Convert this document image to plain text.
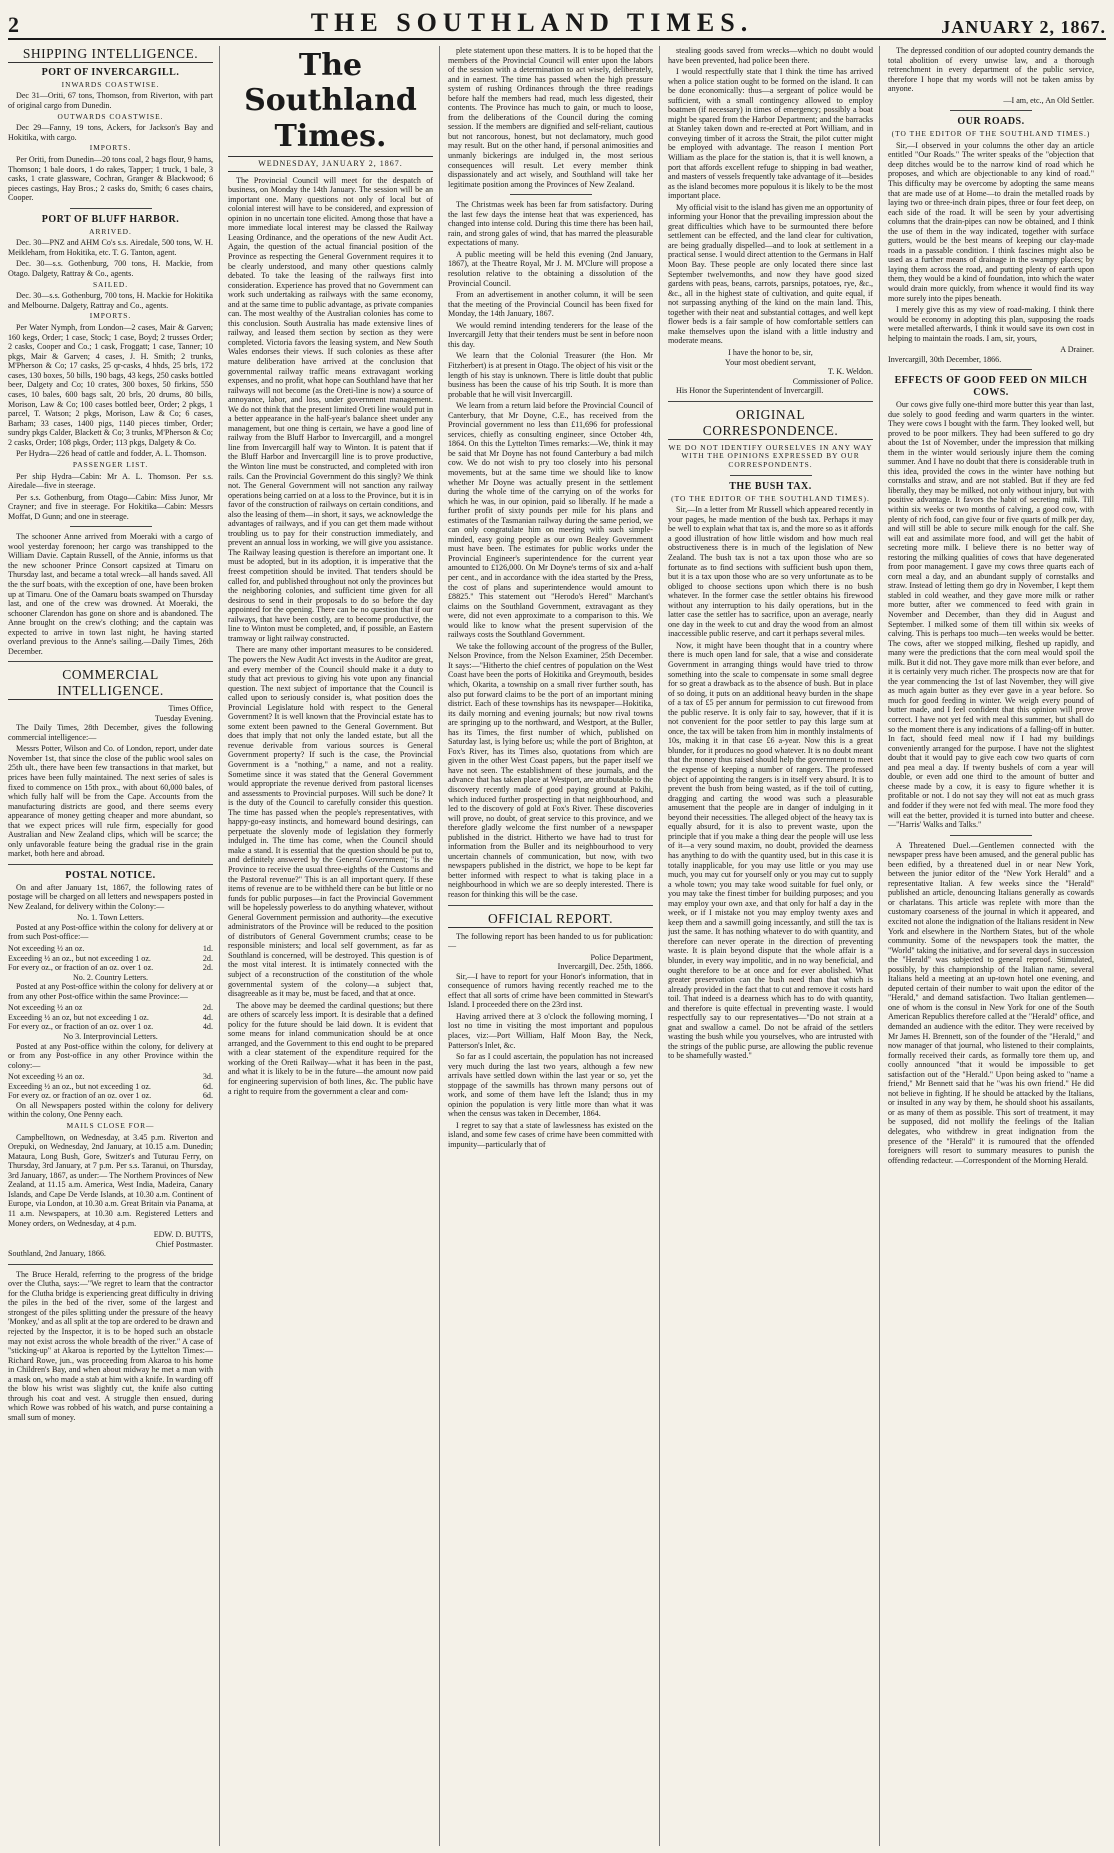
2	THE SOUTHLAND TIMES.	JANUARY 2, 1867.
SHIPPING INTELLIGENCE.
PORT OF INVERCARGILL.
INWARDS COASTWISE.

Dec 31—Oriti, 67 tons, Thomson, from Riverton, with part of original cargo from Dunedin.

OUTWARDS COASTWISE.

Dec 29—Fanny, 19 tons, Ackers, for Jackson's Bay and Hokitika, with cargo.

IMPORTS.

Per Oriti, from Dunedin—20 tons coal, 2 bags flour, 9 hams, Thomson; 1 bale doors, 1 do rakes, Tapper; 1 truck, 1 bale, 3 casks, 1 crate glassware, Cochran, Granger & Blackwood; 6 pieces castings, Hay Bros.; 2 casks do, Smith; 6 cases chairs, Cooper.

PORT OF BLUFF HARBOR.
ARRIVED.

Dec. 30—PNZ and AHM Co's s.s. Airedale, 500 tons, W. H. Meikleham, from Hokitika, etc. T. G. Tanton, agent.

Dec. 30—s.s. Gothenburg, 700 tons, H. Mackie, from Otago. Dalgety, Rattray & Co., agents.

SAILED.

Dec. 30—s.s. Gothenburg, 700 tons, H. Mackie for Hokitika and Melbourne. Dalgety, Rattray and Co., agents.

IMPORTS.

Per Water Nymph, from London—2 cases, Mair & Garven; 160 kegs, Order; 1 case, Stock; 1 case, Boyd; 2 trusses Order; 2 casks, Cooper and Co.; 1 cask, Froggatt; 1 case, Tanner; 10 pkgs, Mair & Garven; 4 cases, J. H. Smith; 2 trunks, M'Pherson & Co; 17 casks, 25 qr-casks, 4 hhds, 25 brls, 172 cases, 130 boxes, 50 bills, 190 bags, 43 kegs, 250 casks bottled beer, Dalgety and Co; 10 crates, 300 boxes, 50 firkins, 550 cases, 10 bales, 600 bags salt, 20 brls, 20 drums, 80 bills, Morison, Law & Co; 100 cases bottled beer, Order; 2 pkgs, 1 parcel, T. Watson; 2 pkgs, Morison, Law & Co; 6 cases, Barham; 33 cases, 1400 pigs, 1140 pieces timber, Order; sundry pkgs Calder, Blackett & Co; 3 trunks, M'Pherson & Co; 2 casks, Order; 108 pkgs, Order; 113 pkgs, Dalgety & Co.

Per Hydra—226 head of cattle and fodder, A. L. Thomson.

PASSENGER LIST.

Per ship Hydra—Cabin: Mr A. L. Thomson. Per s.s. Airedale—five in steerage.

Per s.s. Gothenburg, from Otago—Cabin: Miss Junor, Mr Crayner; and five in steerage. For Hokitika—Cabin: Messrs Moffat, D Gunn; and one in steerage.

The schooner Anne arrived from Moeraki with a cargo of wool yesterday forenoon; her cargo was transhipped to the William Davie. Captain Russell, of the Annie, informs us that the new schooner Prince Consort capsized at Timaru on Thursday last, and became a total wreck—all hands saved. All the the surf boats, with the exception of one, have been broken up at Timaru. One of the Oamaru boats swamped on Thursday last, and one of the crew was drowned. At Moeraki, the schooner Clarendon has gone on shore and is abandoned. The Anne brought on the crew's clothing; and the captain was expected to arrive in town last night, he having started overland previous to the Anne's sailing.—Daily Times, 26th December.

COMMERCIAL INTELLIGENCE.
Times Office,
Tuesday Evening.

The Daily Times, 28th December, gives the following commercial intelligence:—

Messrs Potter, Wilson and Co. of London, report, under date November 1st, that since the close of the public wool sales on 25th ult., there have been few transactions in that market, but prices have been fully maintained. The next series of sales is fixed to commence on 15th prox., with about 60,000 bales, of which fully half will be from the Cape. Accounts from the manufacturing districts are good, and there seems every appearance of money getting cheaper and more abundant, so that we expect prices will rule firm, especially for good Australian and New Zealand clips, which will be scarce; the only unfavorable feature being the gradual rise in the grain market, both here and abroad.

POSTAL NOTICE.

On and after January 1st, 1867, the following rates of postage will be charged on all letters and newspapers posted in New Zealand, for delivery within the Colony:—

No. 1. Town Letters.

Posted at any Post-office within the colony for delivery at or from such Post-office:—

Not exceeding ½ an oz.	1d.
Exceeding ½ an oz., but not exceeding 1 oz.	2d.
For every oz., or fraction of an oz. over 1 oz.	2d.
No. 2. Country Letters.

Posted at any Post-office within the colony for delivery at or from any other Post-office within the same Province:—

Not exceeding ½ an oz	2d.
Exceeding ½ an oz, but not exceeding 1 oz.	4d.
For every oz., or fraction of an oz. over 1 oz.	4d.
No 3. Interprovincial Letters.

Posted at any Post-office within the colony, for delivery at or from any Post-office in any other Province within the colony:—

Not exceeding ½ an oz.	3d.
Exceeding ½ an oz., but not exceeding 1 oz.	6d.
For every oz. or fraction of an oz. over 1 oz.	6d.

On all Newspapers posted within the colony for delivery within the colony, One Penny each.

MAILS CLOSE FOR—

Campbelltown, on Wednesday, at 3.45 p.m. Riverton and Orepuki, on Wednesday, 2nd January, at 10.15 a.m. Dunedin; Mataura, Long Bush, Gore, Switzer's and Tuturau Ferry, on Thursday, 3rd January, at 7 p.m. Per s.s. Taranui, on Thursday, 3rd January, 1867, as under:— The Northern Provinces of New Zealand, at 11.15 a.m. America, West India, Madeira, Canary Islands, and Cape De Verde Islands, at 10.30 a.m. Continent of Europe, via London, at 10.30 a.m. Great Britain via Panama, at 11 a.m. Newspapers, at 10.30 a.m. Registered Letters and Money orders, on Wednesday, at 4 p.m.

EDW. D. BUTTS,
Chief Postmaster.
Southland, 2nd January, 1866.

The Bruce Herald, referring to the progress of the bridge over the Clutha, says:—"We regret to learn that the contractor for the Clutha bridge is experiencing great difficulty in driving the piles in the bed of the river, some of the largest and strongest of the piles splitting under the pressure of the heavy 'Monkey,' and as all split at the top are ordered to be drawn and rejected by the Inspector, it is to be hoped such an obstacle may not exist across the whole breadth of the river." A case of "sticking-up" at Akaroa is reported by the Lyttelton Times:—Richard Rowe, jun., was proceeding from Akaroa to his home in Children's Bay, and when about midway he met a man with a mask on, who made a stab at him with a knife. In warding off the blow his wrist was slightly cut, the knife also cutting through his coat and vest. A struggle then ensued, during which Rowe was robbed of his watch, and purse containing a small sum of money.

The Southland Times.
WEDNESDAY, JANUARY 2, 1867.

The Provincial Council will meet for the despatch of business, on Monday the 14th January. The session will be an important one. Many questions not only of local but of colonial interest will have to be considered, and expression of opinion in no uncertain tone elicited. Among those that have a more immediate local interest may be classed the Railway Leasing Ordinance, and the operations of the new Audit Act. Again, the question of the actual financial position of the Province as respecting the General Government requires it to be clearly understood, and many other questions calmly debated. To take the leasing of the railways first into consideration. Experience has proved that no Government can work such undertaking as railways with the same economy, and at the same time to public advantage, as private companies can. The most wealthy of the Australian colonies has come to this conclusion. South Australia has made extensive lines of railway, and leased them section by section as they were completed. Victoria favors the leasing system, and New South Wales endorses their views. If such colonies as these after mature deliberation have arrived at the conclusion that governmental railway traffic means extravagant working expenses, and no profit, what hope can Southland have that her railways will not become (as the Oreti-line is now) a source of annoyance, labor, and loss, under government management. We do not think that the present limited Oreti line would put in a better appearance in the half-year's balance sheet under any management, but one thing is certain, we have a good line of railway from the Bluff Harbor to Invercargill, and a mongrel line from Invercargill half way to Winton. It is patent that if the Bluff Harbor and Invercargill line is to prove productive, the Winton line must be constructed, and completed with iron rails. Can the Provincial Government do this singly? We think not. The General Government will not sanction any railway operations being carried on at a loss to the Province, but it is in favor of the construction of railways on certain conditions, and also the leasing of them—in short, it says, we acknowledge the advantages of railways, and if you can get them made without troubling us to pay for their construction immediately, and prevent an annual loss in working, we will give you assistance. The Railway leasing question is therefore an important one. It must be adopted, but in its adoption, it is imperative that the freest competition should be invited. That tenders should be called for, and published throughout not only the provinces but the neighboring colonies, and sufficient time given for all desirous to send in their proposals to do so before the day appointed for the opening. There can be no question that if our railways, that have been costly, are to become productive, the line to Winton must be completed, and, if possible, an Eastern tramway or light railway constructed.

There are many other important measures to be considered. The powers the New Audit Act invests in the Auditor are great, and every member of the Council should make it a duty to study that act previous to giving his vote upon any financial question. The next subject of importance that the Council is called upon to seriously consider is, what position does the Provincial Legislature hold with respect to the General Government? It is well known that the Provincial estate has to some extent been pawned to the General Government. But does that imply that not only the landed estate, but all the revenue derivable from various sources is General Government property? If such is the case, the Provincial Government is a "nothing," a name, and not a reality. Sometime since it was stated that the General Government would appropriate the revenue derived from pastoral licenses and assessments to Provincial purposes. Will such be done? It is the duty of the Council to carefully consider this question. The time has passed when the people's representatives, with happy-go-easy instincts, and homeward bound desirings, can perpetuate the slovenly mode of legislation they formerly indulged in. The time has come, when the Council should make a stand. It is essential that the question should be put to, and definitely answered by the General Government; "is the Province to receive the usual three-eighths of the Customs and the Pastoral revenue?" This is an all important query. If these items of revenue are to be withheld there can be but little or no funds for public purposes—in fact the Provincial Government will be hopelessly powerless to do anything whatever, without General Government permission and authority—the executive administrators of the Province will be reduced to the position of distributors of General Government crumbs; cease to be responsible ministers; and local self government, as far as Southland is concerned, will be destroyed. This question is of the most vital interest. It is intimately connected with the subject of a reconstruction of the constitution of the whole governmental system of the colony—a subject that, disagreeable as it may be, must be faced, and that at once.

The above may be deemed the cardinal questions; but there are others of scarcely less import. It is desirable that a defined policy for the future should be laid down. It is evident that some means for inland communication should be at once arranged, and the Government to this end ought to be prepared with a clear statement of the expenditure required for the working of the Oreti Railway—what it has been in the past, and what it is likely to be in the future—the amount now paid for engineering supervision of both lines, &c. The public have a right to require from the government a clear and com-

plete statement upon these matters. It is to be hoped that the members of the Provincial Council will enter upon the labors of the session with a determination to act wisely, deliberately, and in earnest. The time has passed when the high pressure system of rushing Ordinances through the three readings before half the members had read, much less digested, their contents. The Province has much to gain, or much to loose, from the deliberations of the Council during the coming session. If the members are dignified and self-reliant, cautious but not rancorous, honest, but not declamatory, much good may result. But on the other hand, if personal animosities and unmanly bickerings are indulged in, the most serious consequences will result. Let every member think dispassionately and act wisely, and Southland will take her legitimate position among the Provinces of New Zealand.

The Christmas week has been far from satisfactory. During the last few days the intense heat that was experienced, has changed into intense cold. During this time there has been hail, rain, and strong gales of wind, that has marred the pleasurable expectations of many.

A public meeting will be held this evening (2nd January, 1867), at the Theatre Royal, Mr J. M. M'Clure will propose a resolution relative to the obtaining a dissolution of the Provincial Council.

From an advertisement in another column, it will be seen that the meeting of the Provincial Council has been fixed for Monday, the 14th January, 1867.

We would remind intending tenderers for the lease of the Invercargill Jetty that their tenders must be sent in before noon this day.

We learn that the Colonial Treasurer (the Hon. Mr Fitzherbert) is at present in Otago. The object of his visit or the length of his stay is unknown. There is little doubt that public business has been the cause of his trip South. It is more than probable that he will visit Invercargill.

We learn from a return laid before the Provincial Council of Canterbury, that Mr Doyne, C.E., has received from the Provincial government no less than £11,696 for professional services, chiefly as consulting engineer, since October 4th, 1864. On this the Lyttelton Times remarks:—We, think it may be said that Mr Doyne has not found Canterbury a bad milch cow. We do not wish to pry too closely into his personal movements, but at the same time we should like to know whether Mr Doyne was actually present in the settlement during the whole time of the carrying on of the works for which he was, in our opinion, paid so liberally. If he made a further profit of sixty pounds per mile for his plans and estimates of the Tasmanian railway during the same period, we can only congratulate him on meeting with such simple-minded, easy going people as our own Bealey Government must have been. The estimates for public works under the Provincial Engineer's superintendence for the current year amounted to £126,000. On Mr Doyne's terms of six and a-half per cent., and in accordance with the idea started by the Press, the cost of plans and superintendence would amount to £8825." This statement out "Herodo's Hered" Marchant's claims on the Southland Government, extravagant as they were, did not even approximate to a comparison to this. We would like to know what the present supervision of the railways costs the Southland Government.

We take the following account of the progress of the Buller, Nelson Province, from the Nelson Examiner, 25th December. It says:—"Hitherto the chief centres of population on the West Coast have been the ports of Hokitika and Greymouth, besides which, Okarita, a township on a small river further south, has also put forward claims to be the port of an important mining district. Each of these townships has its newspaper—Hokitika, its daily morning and evening journals; but now rival towns are springing up to the northward, and Westport, at the Buller, has its Times, the first number of which, published on Saturday last, is lying before us; while the port of Brighton, at Fox's River, has its Times also, quotations from which are given in the other West Coast papers, but the paper itself we have not seen. The establishment of these journals, and the advance that has taken place at Westport, are attributable to the discovery recently made of good paying ground at Pakihi, which induced further prospecting in that neighbourhood, and led to the discovery of gold at Fox's River. These discoveries will prove, no doubt, of great service to this province, and we therefore gladly welcome the first number of a newspaper published in the district. Hitherto we have had to trust for information from the Buller and its neighbourhood to very uncertain channels of communication, but now, with two newspapers published in the district, we hope to be kept far better informed with respect to what is taking place in a neighbourhood in which we are so deeply interested. There is reason for thinking this will be the case.

OFFICIAL REPORT.

The following report has been handed to us for publication:—

Police Department,
Invercargill, Dec. 25th, 1866.

Sir,—I have to report for your Honor's information, that in consequence of rumors having recently reached me to the effect that all sorts of crime have been committed in Stewart's Island. I proceeded there on the 23rd inst.

Having arrived there at 3 o'clock the following morning, I lost no time in visiting the most important and populous places, viz:—Port William, Half Moon Bay, the Neck, Patterson's Inlet, &c.

So far as I could ascertain, the population has not increased very much during the last two years, although a few new arrivals have settled down within the last year or so, yet the stoppage of the sawmills has thrown many persons out of work, and some of them have left the Island; thus in my opinion the population is very little more than what it was when the census was taken in December, 1864.

I regret to say that a state of lawlessness has existed on the island, and some few cases of crime have been committed with impunity—particularly that of

stealing goods saved from wrecks—which no doubt would have been prevented, had police been there.

I would respectfully state that I think the time has arrived when a police station ought to be formed on the island. It can be done economically: thus—a sergeant of police would be sufficient, with a small contingency allowed to employ boatmen (if necessary) in times of emergency; possibly a boat might be spared from the Harbor Department; and the barracks at Stanley taken down and re-erected at Port William, and in conveying timber of it across the Strait, the pilot cutter might be employed with advantage. The reason I mention Port William as the place for the station is, that it is well known, a port that affords excellent refuge to shipping in bad weather, and masters of vessels frequently take advantage of it—besides as the island becomes more populous it is likely to be the most important place.

My official visit to the island has given me an opportunity of informing your Honor that the prevailing impression about the great difficulties which have to be surmounted there before settlement can be effected, and the land clear for cultivation, are being gradually dispelled—and to look at settlement in a practical sense. I would direct attention to the Germans in Half Moon Bay. These people are only located there since last September twelvemonths, and now they have good sized gardens with peas, beans, carrots, parsnips, potatoes, rye, &c., &c., all in the highest state of cultivation, and quite equal, if not surpassing anything of the kind on the main land. This, together with their neat and substantial cottages, and well kept flower beds is a fair sample of how comfortable settlers can make themselves upon the island with a little industry and moderate means.

I have the honor to be, sir,
Your most obedient servant,
T. K. Weldon.
Commissioner of Police.

His Honor the Superintendent of Invercargill.

ORIGINAL CORRESPONDENCE.
WE DO NOT IDENTIFY OURSELVES IN ANY WAY WITH THE OPINIONS EXPRESSED BY OUR CORRESPONDENTS.
THE BUSH TAX.
(TO THE EDITOR OF THE SOUTHLAND TIMES).

Sir,—In a letter from Mr Russell which appeared recently in your pages, he made mention of the bush tax. Perhaps it may be well to explain what that tax is, and the more so as it affords a good illustration of how little wisdom and how much real obstructiveness there is in much of the legislation of New Zealand. The bush tax is not a tax upon those who are so fortunate as to find sections with sufficient bush upon them, but it is a tax upon those who are so very unfortunate as to be obliged to choose sections upon which there is no bush whatever. In the former case the settler obtains his firewood without any interruption to his daily operations, but in the latter case the settler has to sacrifice, upon an average, nearly one day in the week to cut and dray the wood from an almost inaccessible public reserve, and cart it perhaps several miles.

Now, it might have been thought that in a country where there is much open land for sale, that a wise and considerate Government in arranging things would have tried to throw something into the scale to compensate in some small degree for so great a drawback as to the absence of bush. But in place of so doing, it puts on an additional heavy burden in the shape of a tax of £5 per annum for permission to cut firewood from the public reserve. It is only fair to say, however, that if it is not convenient for the poor settler to pay this large sum at once, the tax will be taken from him in monthly instalments of 10s, making it in that case £6 a-year. Now this is a great blunder, for it produces no good whatever. It is no doubt meant that the money thus raised should help the government to meet the expense of keeping a number of rangers. The professed object of appointing the rangers is in itself very absurd. It is to prevent the bush from being wasted, as if the toil of cutting, dragging and carting the wood was such a pleasurable amusement that the people are in danger of indulging in it beyond their necessities. The alleged object of the heavy tax is equally absurd, for it is also to prevent waste, upon the principle that if you make a thing dear the people will use less of it—a very sound maxim, no doubt, provided the dearness has anything to do with the quantity used, but in this case it is totally inapplicable, for you may use little or you may use much, you may cut for yourself only or you may cut to supply a whole town; you may take wood suitable for fuel only, or you may take the finest timber for building purposes; and you may employ your own axe, and that only for half a day in the week, or if I mistake not you may employ twenty axes and keep them and a sawmill going incessantly, and still the tax is just the same. It has nothing whatever to do with quantity, and therefore can never operate in the direction of preventing waste. It is plain beyond dispute that the whole affair is a blunder, in every way impolitic, and in no way beneficial, and ought therefore to be at once and for ever abolished. What greater preservation can the bush need than that which is already provided in the fact that to cut and remove it costs hard toil. That indeed is a dearness which has to do with quantity, and therefore is quite effectual in preventing waste. I would respectfully say to our representatives—"Do not strain at a gnat and swallow a camel. Do not be afraid of the settlers wasting the bush while you yourselves, who are intrusted with the strings of the public purse, are allowing the public revenue to be shamefully wasted."

The depressed condition of our adopted country demands the total abolition of every unwise law, and a thorough retrenchment in every department of the public service, therefore I hope that my words will not be taken amiss by anyone.

—I am, etc., An Old Settler.
OUR ROADS.
(TO THE EDITOR OF THE SOUTHLAND TIMES.)

Sir,—I observed in your columns the other day an article entitled "Our Roads." The writer speaks of the "objection that deep ditches would be to the narrow kind of road which he proposes, and which are objectionable to any kind of road." This difficulty may be overcome by adopting the same means that are made use of at Home—to drain the metalled roads by laying two or three-inch drain pipes, three or four feet deep, on each side of the road. It will be seen by your advertising columns that the drain-pipes can now be obtained, and I think the use of them in the way indicated, together with surface gutters, would be the best means of keeping our clay-made roads in a passable condition. I think fascines might also be used as a further means of drainage in the swampy places; by laying them across the road, and putting plenty of earth upon them, they would be a kind of foundation, into which the water would drain more quickly, from whence it would find its way more surely into the pipes beneath.

I merely give this as my view of road-making. I think there would be economy in adopting this plan, supposing the roads were metalled afterwards, I think it would save its own cost in helping to maintain the roads. I am, sir, yours,

A Drainer.
Invercargill, 30th December, 1866.
EFFECTS OF GOOD FEED ON MILCH COWS.

Our cows give fully one-third more butter this year than last, due solely to good feeding and warm quarters in the winter. They were cows I bought with the farm. They looked well, but proved to be poor milkers. They had been suffered to go dry about the 1st of November, under the impression that milking them in the winter would seriously injure them the coming summer. And I have no doubt that there is considerable truth in this idea, provided the cows in the winter have nothing but cornstalks and straw, and are not stabled. But if they are fed liberally, they may be milked, not only without injury, but with positive advantage. It favors the habit of secreting milk. Till within six weeks or two months of calving, a good cow, with plenty of rich food, can give four or five quarts of milk per day, and will still be able to secure milk enough for the calf. She will eat and assimilate more food, and will get the habit of secreting more milk. I believe there is no better way of restoring the milking qualities of cows that have degenerated from poor management. I gave my cows three quarts each of corn meal a day, and an abundant supply of cornstalks and straw. Instead of letting them go dry in November, I kept them stabled in cold weather, and they gave more milk or rather more butter, after we commenced to feed with grain in November and December, than they did in August and September. I milked some of them till within six weeks of calving. This is perhaps too much—ten weeks would be better. The cows, after we stopped milking, fleshed up rapidly, and many were the predictions that the corn meal would spoil the milk. But it did not. They gave more milk than ever before, and it is certainly very much richer. The prospects now are that for the year commencing the 1st of last November, they will give as much again butter as they ever gave in a year before. So much for good feeding in winter. We weigh every pound of butter made, and I feel confident that this opinion will prove correct. I have not yet fed with meal this summer, but shall do so the moment there is any indications of a falling-off in butter. In fact, should feed meal now if I had my buildings conveniently arranged for the purpose. I have not the slightest doubt that it would pay to give each cow two quarts of corn and pea meal a day. If twenty bushels of corn a year will double, or even add one third to the amount of butter and cheese made by a cow, it is easy to figure whether it is profitable or not. I do not say they will not eat as much grass and fodder if they were not fed with meal. The more food they will eat the better, provided it is turned into butter and cheese.—"Harris' Walks and Talks."

A Threatened Duel.—Gentlemen connected with the newspaper press have been amused, and the general public has been edified, by a threatened duel in or near New York, between the junior editor of the "New York Herald" and a representative Italian. A few weeks since the "Herald" published an article, denouncing Italians generally as cowards or charlatans. This article was replete with more than the customary coarseness of the journal in which it appeared, and excited not alone the indignation of the Italians resident in New York and elsewhere in the Northern States, but of the whole community. Some of the newspapers took the matter, the "World" taking the initiative, and for several days in succession the "Herald" was subjected to general reproof. Stimulated, possibly, by this championship of the Italian name, several Italians held a meeting at an up-town hotel one evening, and deputed certain of their number to wait upon the editor of the "Herald," and demand satisfaction. Two Italian gentlemen—one of whom is the consul in New York for one of the South American Republics therefore called at the "Herald" office, and demanded an audience with the editor. They were received by Mr James H. Brennett, son of the founder of the "Herald," and now manager of that journal, who listened to their complaints, formally received their cards, as formally tore them up, and coolly announced "that it would be impossible to get satisfaction out of the "Herald." Upon being asked to "name a friend," Mr Bennett said that he "was his own friend." He did not believe in fighting. If he should be attacked by the Italians, or insulted in any way by them, he should shoot his assailants, or as many of them as possible. This sort of treatment, it may be supposed, did not mollify the feelings of the Italian delegates, who withdrew in great indignation from the presence of the "Herald" it is rumoured that the offended foreigners will resort to summary measures to punish the offending redacteur. —Correspondent of the Morning Herald.
